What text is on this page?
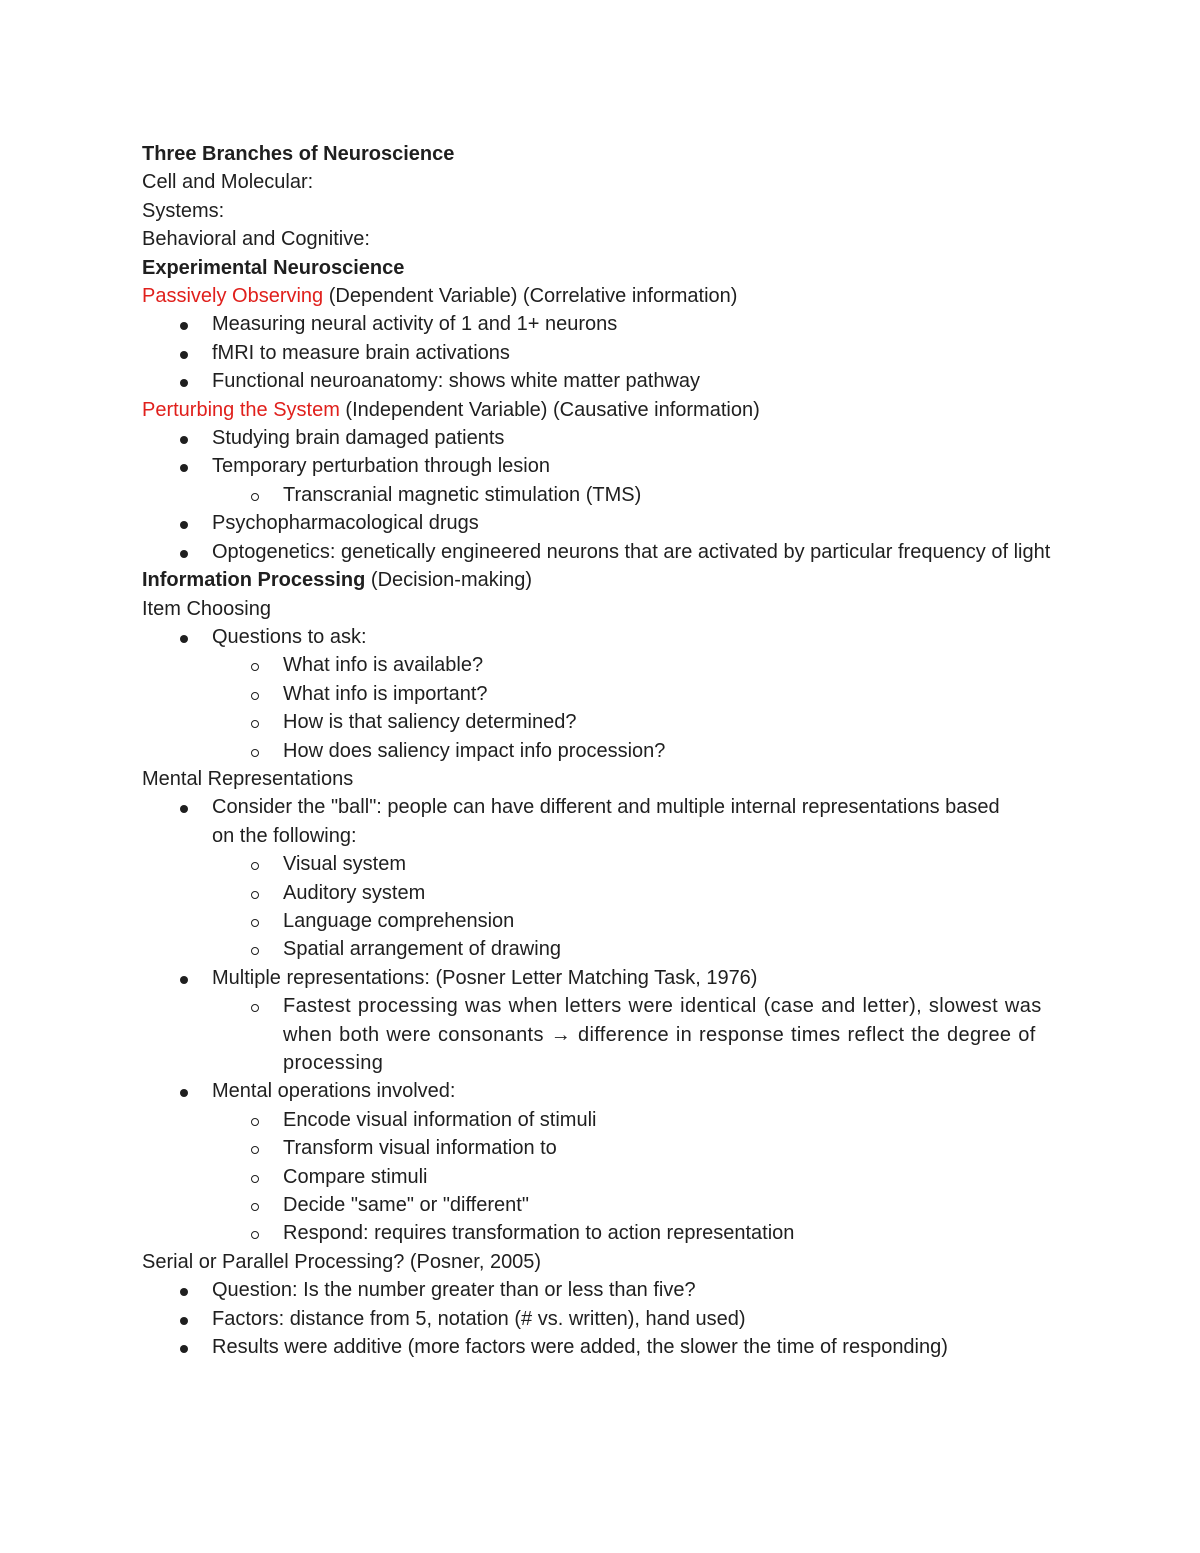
Three Branches of Neuroscience
Cell and Molecular:
Systems:
Behavioral and Cognitive:
Experimental Neuroscience
Passively Observing (Dependent Variable) (Correlative information)
Measuring neural activity of 1 and 1+ neurons
fMRI to measure brain activations
Functional neuroanatomy: shows white matter pathway
Perturbing the System (Independent Variable) (Causative information)
Studying brain damaged patients
Temporary perturbation through lesion
Transcranial magnetic stimulation (TMS)
Psychopharmacological drugs
Optogenetics: genetically engineered neurons that are activated by particular frequency of light
Information Processing (Decision-making)
Item Choosing
Questions to ask:
What info is available?
What info is important?
How is that saliency determined?
How does saliency impact info procession?
Mental Representations
Consider the "ball": people can have different and multiple internal representations based on the following:
Visual system
Auditory system
Language comprehension
Spatial arrangement of drawing
Multiple representations: (Posner Letter Matching Task, 1976)
Fastest processing was when letters were identical (case and letter), slowest was when both were consonants → difference in response times reflect the degree of processing
Mental operations involved:
Encode visual information of stimuli
Transform visual information to
Compare stimuli
Decide "same" or "different"
Respond: requires transformation to action representation
Serial or Parallel Processing? (Posner, 2005)
Question: Is the number greater than or less than five?
Factors: distance from 5, notation (# vs. written), hand used)
Results were additive (more factors were added, the slower the time of responding)
